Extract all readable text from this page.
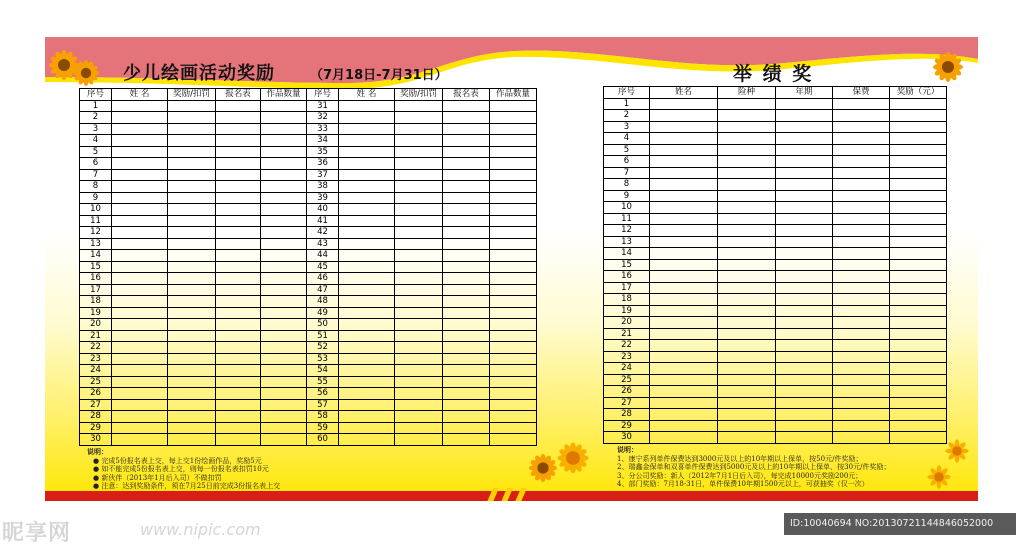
少儿绘画活动奖励	（7月18日-7月31日）	举 绩 奖
序号	姓 名	奖励/扣罚	报名表	作品数量	序号	姓 名	奖励/扣罚	报名表	作品数量
1					31				
2					32				
3					33				
4					34				
5					35				
6					36				
7					37				
8					38				
9					39				
10					40				
11					41				
12					42				
13					43				
14					44				
15					45				
16					46				
17					47				
18					48				
19					49				
20					50				
21					51				
22					52				
23					53				
24					54				
25					55				
26					56				
27					57				
28					58				
29					59				
30					60				
序号	姓名	险种	年期	保费	奖励（元）
1					
2					
3					
4					
5					
6					
7					
8					
9					
10					
11					
12					
13					
14					
15					
16					
17					
18					
19					
20					
21					
22					
23					
24					
25					
26					
27					
28					
29					
30					
说明：
● 完成5份报名表上交，每上交1份绘画作品，奖励5元
● 如不能完成5份报名表上交，则每一份报名表扣罚10元
● 新伙伴（2013年1月后入司）不做扣罚
● 注意：达到奖励条件，须在7月25日前完成3份报名表上交
说明：
1、康宁系列单件保费达到3000元及以上的10年期以上保单，按50元/件奖励；
2、瑞鑫金保单和双喜单件保费达到5000元及以上的10年期以上保单，按30元/件奖励；
3、分公司奖励：新人（2012年7月1日后入司），每完成10000元奖励200元；
4、部门奖励：7月18-31日，单件保费10年期1500元以上，可获抽奖（仅一次）
昵享网	www.nipic.com	ID:10040694 NO:20130721144846052000
